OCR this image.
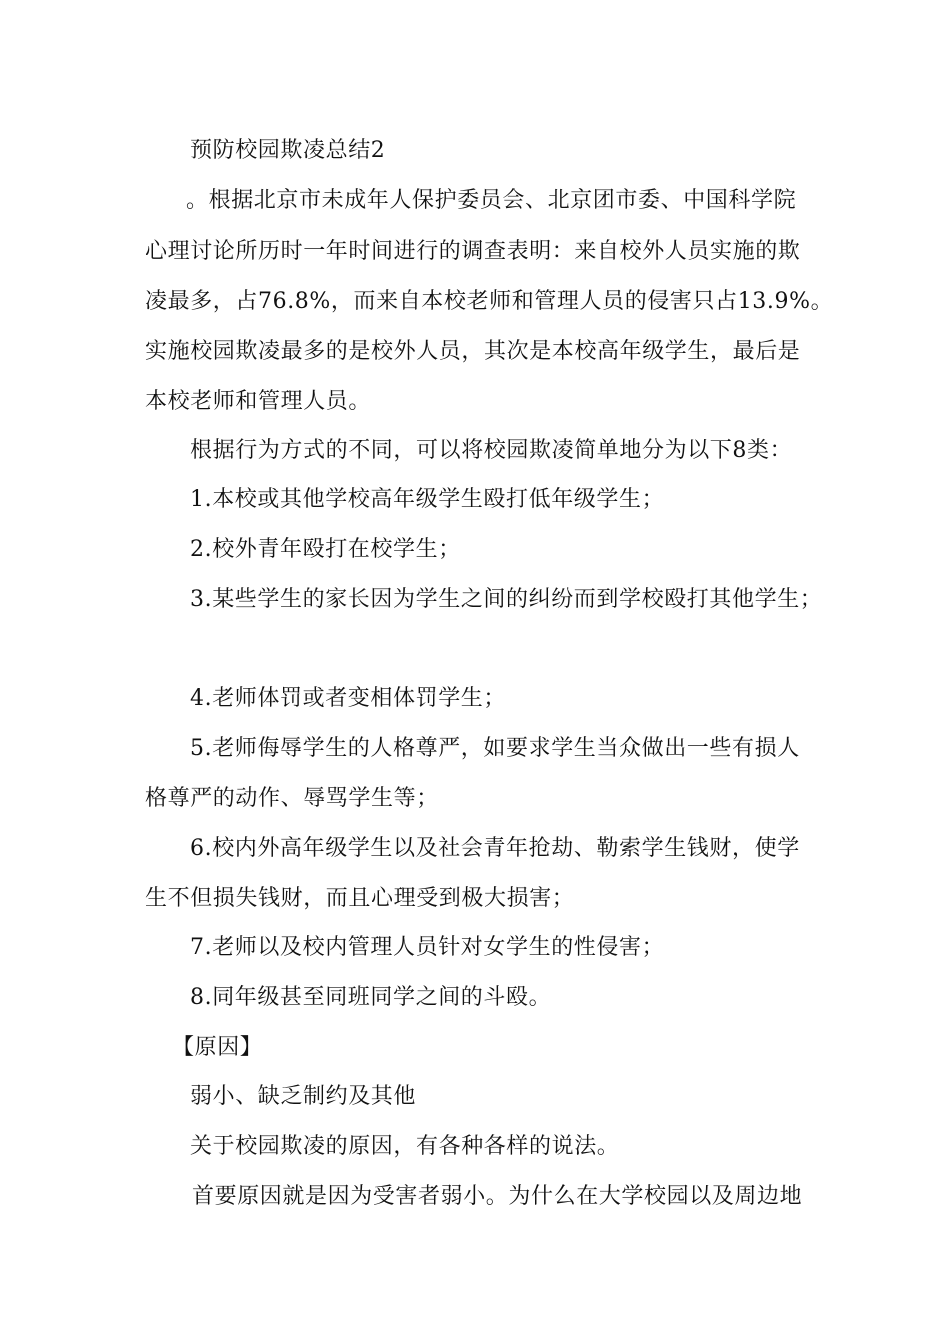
预防校园欺凌总结2
。根据北京市未成年人保护委员会、北京团市委、中国科学院
心理讨论所历时一年时间进行的调查表明：来自校外人员实施的欺
凌最多，占76.8%，而来自本校老师和管理人员的侵害只占13.9%。
实施校园欺凌最多的是校外人员，其次是本校高年级学生，最后是
本校老师和管理人员。
根据行为方式的不同，可以将校园欺凌简单地分为以下8类：
1.本校或其他学校高年级学生殴打低年级学生；
2.校外青年殴打在校学生；
3.某些学生的家长因为学生之间的纠纷而到学校殴打其他学生；
4.老师体罚或者变相体罚学生；
5.老师侮辱学生的人格尊严，如要求学生当众做出一些有损人
格尊严的动作、辱骂学生等；
6.校内外高年级学生以及社会青年抢劫、勒索学生钱财，使学
生不但损失钱财，而且心理受到极大损害；
7.老师以及校内管理人员针对女学生的性侵害；
8.同年级甚至同班同学之间的斗殴。
【原因】
弱小、缺乏制约及其他
关于校园欺凌的原因，有各种各样的说法。
首要原因就是因为受害者弱小。为什么在大学校园以及周边地
